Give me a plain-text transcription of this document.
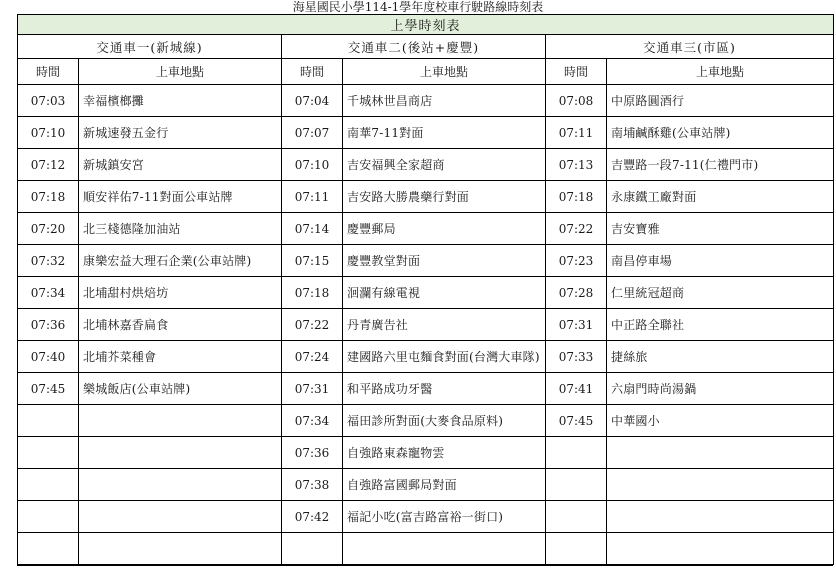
海星國民小學114-1學年度校車行駛路線時刻表
上學時刻表					
交通車一(新城線)		交通車二(後站+慶豐)		交通車三(市區)	
時間	上車地點	時間	上車地點	時間	上車地點
07:03	幸福檳榔攤	07:04	千城林世昌商店	07:08	中原路圓酒行
07:10	新城速發五金行	07:07	南華7-11對面	07:11	南埔鹹酥雞(公車站牌)
07:12	新城鎮安宮	07:10	吉安福興全家超商	07:13	吉豐路一段7-11(仁禮門市)
07:18	順安祥佑7-11對面公車站牌	07:11	吉安路大勝農藥行對面	07:18	永康鐵工廠對面
07:20	北三棧德隆加油站	07:14	慶豐郵局	07:22	吉安寶雅
07:32	康樂宏益大理石企業(公車站牌)	07:15	慶豐教堂對面	07:23	南昌停車場
07:34	北埔甜村烘焙坊	07:18	洄瀾有線電視	07:28	仁里統冠超商
07:36	北埔林嘉香扁食	07:22	丹青廣告社	07:31	中正路全聯社
07:40	北埔芥菜種會	07:24	建國路六里屯麵食對面(台灣大車隊)	07:33	捷絲旅
07:45	樂城飯店(公車站牌)	07:31	和平路成功牙醫	07:41	六扇門時尚湯鍋
		07:34	福田診所對面(大麥食品原料)	07:45	中華國小
		07:36	自強路東森寵物雲		
		07:38	自強路富國郵局對面		
		07:42	福記小吃(富吉路富裕一街口)		
